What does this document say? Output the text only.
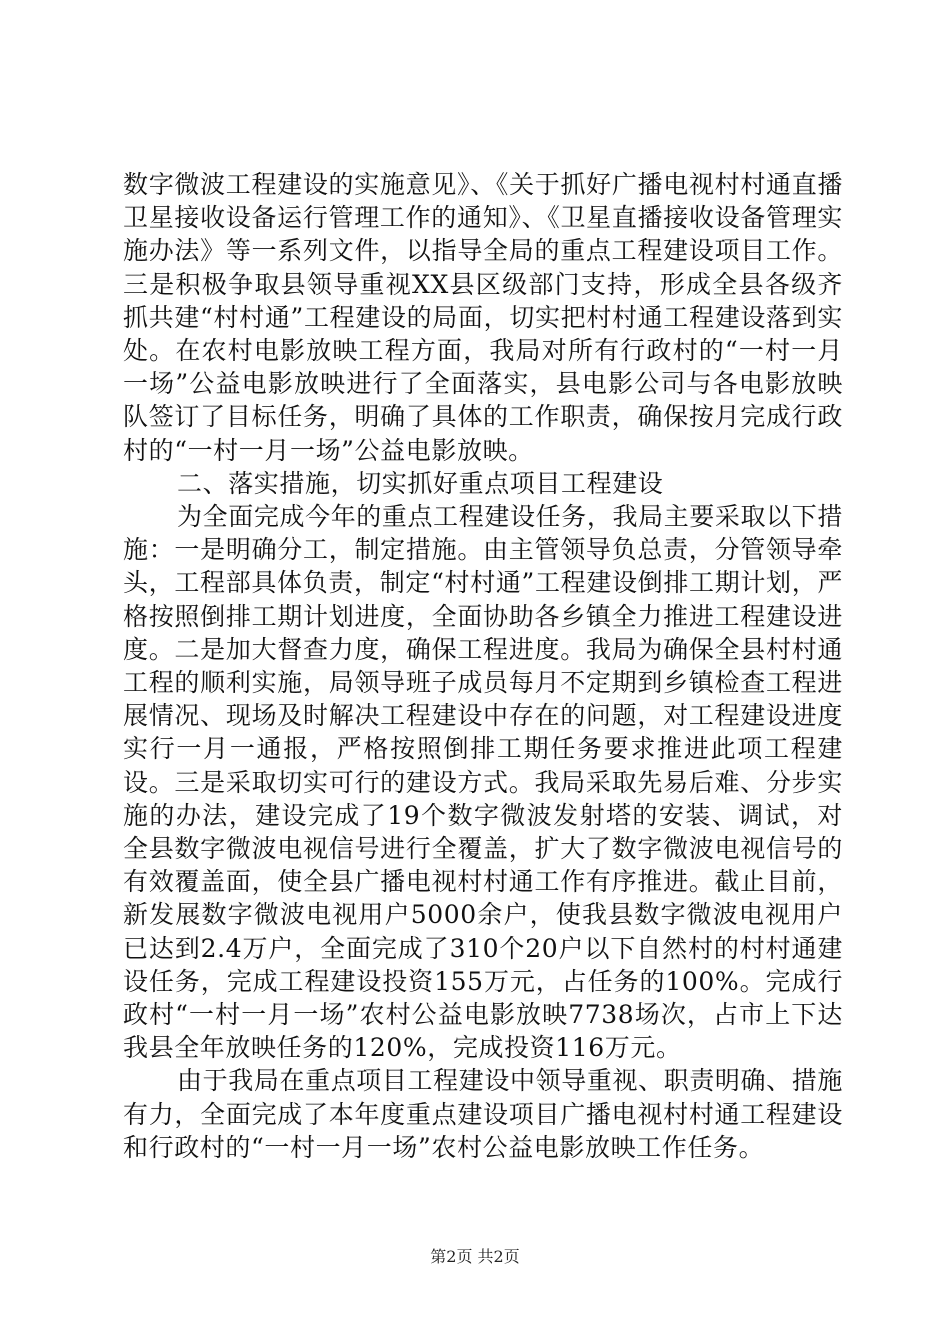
数字微波工程建设的实施意见》、《关于抓好广播电视村村通直播卫星接收设备运行管理工作的通知》、《卫星直播接收设备管理实施办法》等一系列文件，以指导全局的重点工程建设项目工作。三是积极争取县领导重视XX县区级部门支持，形成全县各级齐抓共建“村村通”工程建设的局面，切实把村村通工程建设落到实处。在农村电影放映工程方面，我局对所有行政村的“一村一月一场”公益电影放映进行了全面落实，县电影公司与各电影放映队签订了目标任务，明确了具体的工作职责，确保按月完成行政村的“一村一月一场”公益电影放映。

二、落实措施，切实抓好重点项目工程建设

为全面完成今年的重点工程建设任务，我局主要采取以下措施：一是明确分工，制定措施。由主管领导负总责，分管领导牵头，工程部具体负责，制定“村村通”工程建设倒排工期计划，严格按照倒排工期计划进度，全面协助各乡镇全力推进工程建设进度。二是加大督查力度，确保工程进度。我局为确保全县村村通工程的顺利实施，局领导班子成员每月不定期到乡镇检查工程进展情况、现场及时解决工程建设中存在的问题，对工程建设进度实行一月一通报，严格按照倒排工期任务要求推进此项工程建设。三是采取切实可行的建设方式。我局采取先易后难、分步实施的办法，建设完成了19个数字微波发射塔的安装、调试，对全县数字微波电视信号进行全覆盖，扩大了数字微波电视信号的有效覆盖面，使全县广播电视村村通工作有序推进。截止目前，新发展数字微波电视用户5000余户，使我县数字微波电视用户已达到2.4万户，全面完成了310个20户以下自然村的村村通建设任务，完成工程建设投资155万元，占任务的100%。完成行政村“一村一月一场”农村公益电影放映7738场次，占市上下达我县全年放映任务的120%，完成投资116万元。

由于我局在重点项目工程建设中领导重视、职责明确、措施有力，全面完成了本年度重点建设项目广播电视村村通工程建设和行政村的“一村一月一场”农村公益电影放映工作任务。

第2页 共2页
